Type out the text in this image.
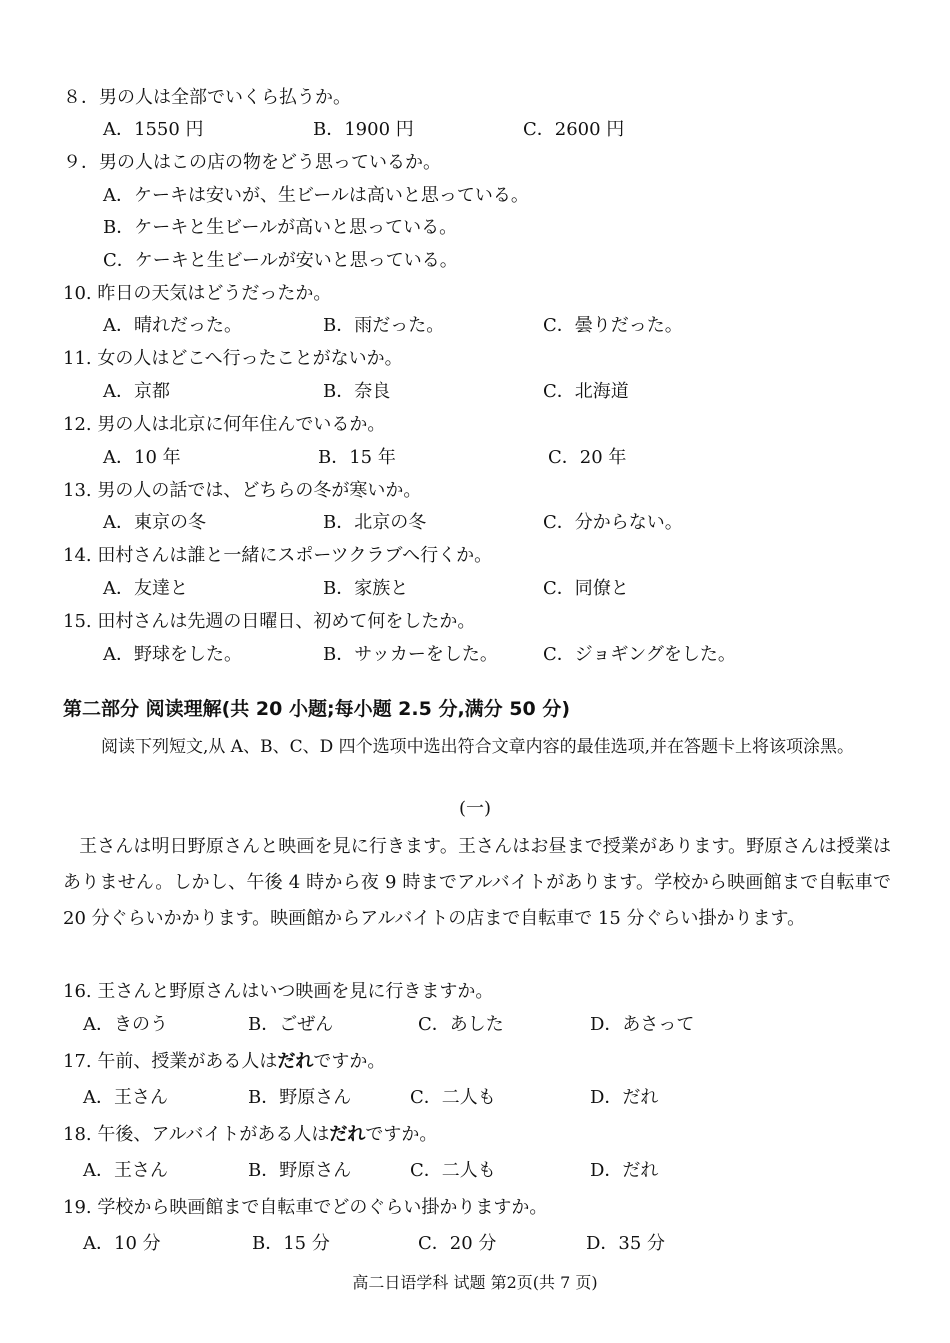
８．男の人は全部でいくら払うか。
A．1550 円	B．1900 円	C．2600 円
９．男の人はこの店の物をどう思っているか。
A．ケーキは安いが、生ビールは高いと思っている。
B．ケーキと生ビールが高いと思っている。
C．ケーキと生ビールが安いと思っている。
10. 昨日の天気はどうだったか。
A．晴れだった。	B．雨だった。	C．曇りだった。
11. 女の人はどこへ行ったことがないか。
A．京都	B．奈良	C．北海道
12. 男の人は北京に何年住んでいるか。
A．10 年	B．15 年	C．20 年
13. 男の人の話では、どちらの冬が寒いか。
A．東京の冬	B．北京の冬	C．分からない。
14. 田村さんは誰と一緒にスポーツクラブへ行くか。
A．友達と	B．家族と	C．同僚と
15. 田村さんは先週の日曜日、初めて何をしたか。
A．野球をした。	B．サッカーをした。	C．ジョギングをした。
第二部分 阅读理解(共 20 小题;每小题 2.5 分,满分 50 分)
阅读下列短文,从 A、B、C、D 四个选项中选出符合文章内容的最佳选项,并在答题卡上将该项涂黑。
(一)
王さんは明日野原さんと映画を見に行きます。王さんはお昼まで授業があります。野原さんは授業はありません。しかし、午後 4 時から夜 9 時までアルバイトがあります。学校から映画館まで自転車で 20 分ぐらいかかります。映画館からアルバイトの店まで自転車で 15 分ぐらい掛かります。
16. 王さんと野原さんはいつ映画を見に行きますか。
A．きのう	B．ごぜん	C．あした	D．あさって
17. 午前、授業がある人はだれですか。
A．王さん	B．野原さん	C．二人も	D．だれ
18. 午後、アルバイトがある人はだれですか。
A．王さん	B．野原さん	C．二人も	D．だれ
19. 学校から映画館まで自転車でどのぐらい掛かりますか。
A．10 分	B．15 分	C．20 分	D．35 分
高二日语学科 试题 第2页(共 7 页)
